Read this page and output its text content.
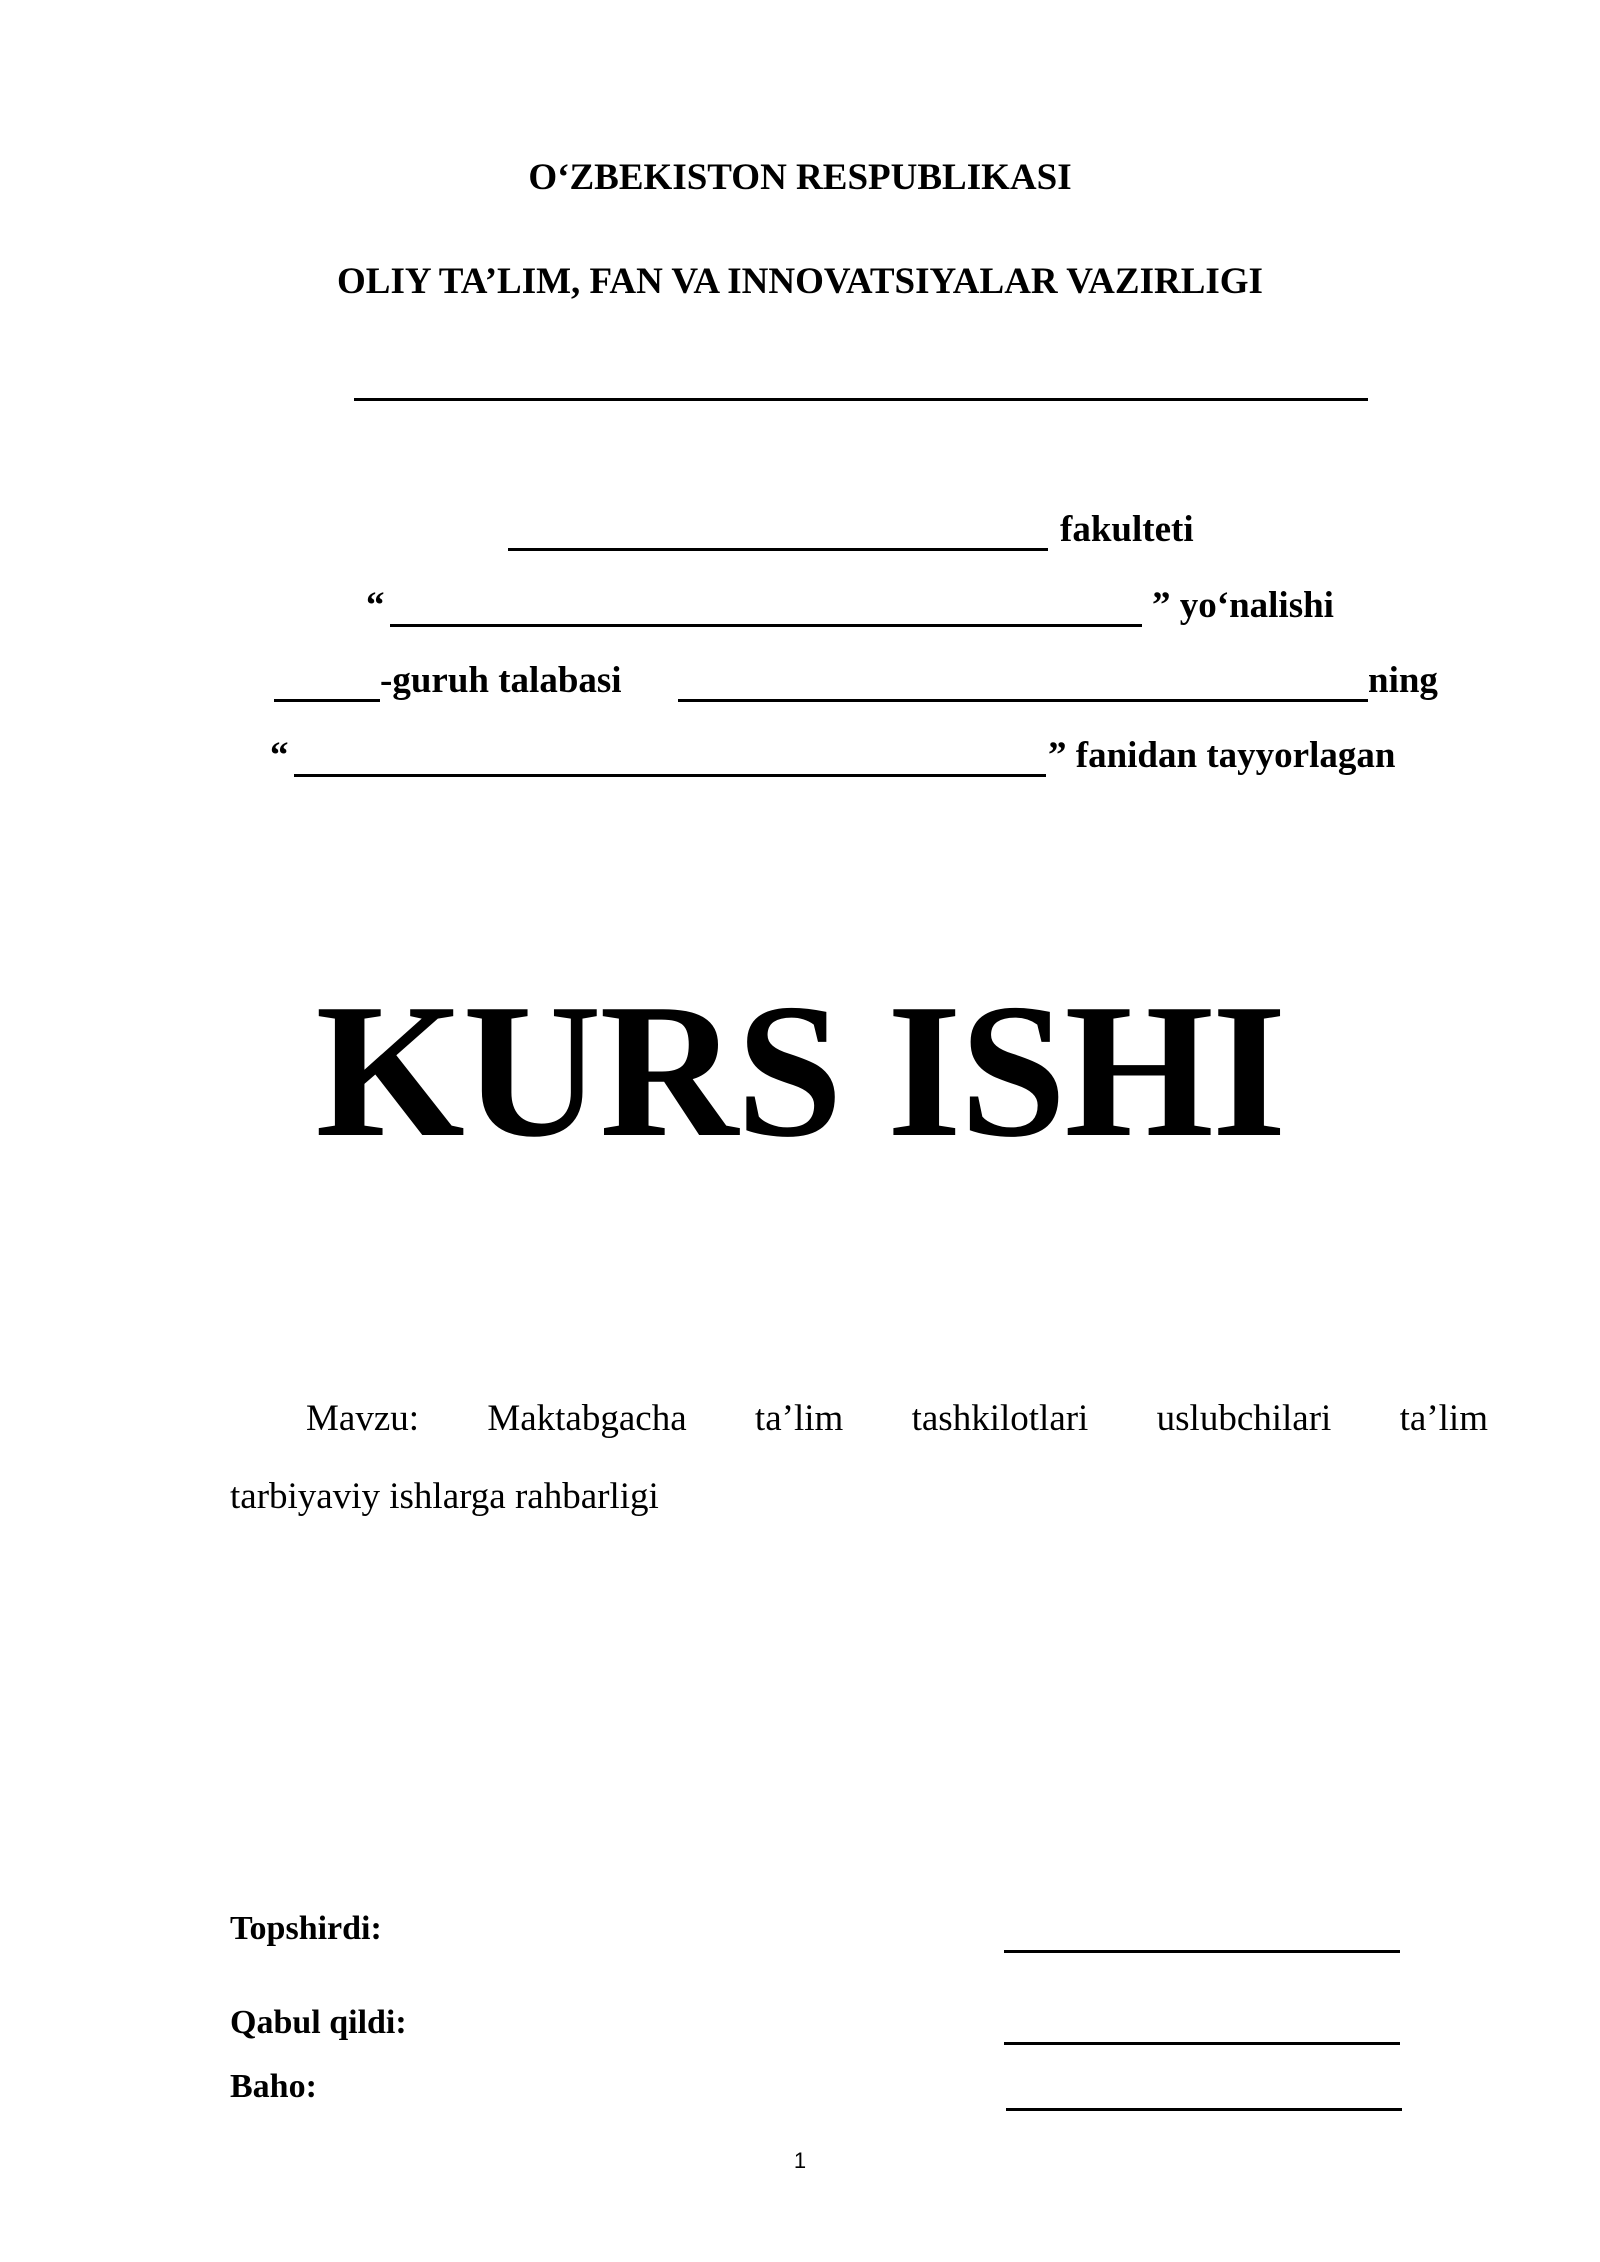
O‘ZBEKISTON RESPUBLIKASI
OLIY TA’LIM, FAN VA INNOVATSIYALAR VAZIRLIGI
fakulteti
“	” yo‘nalishi
-guruh talabasi	ning
“	” fanidan tayyorlagan
KURS ISHI
Mavzu: Maktabgacha ta’lim tashkilotlari uslubchilari ta’lim
tarbiyaviy ishlarga rahbarligi
Topshirdi:
Qabul qildi:
Baho:
1
